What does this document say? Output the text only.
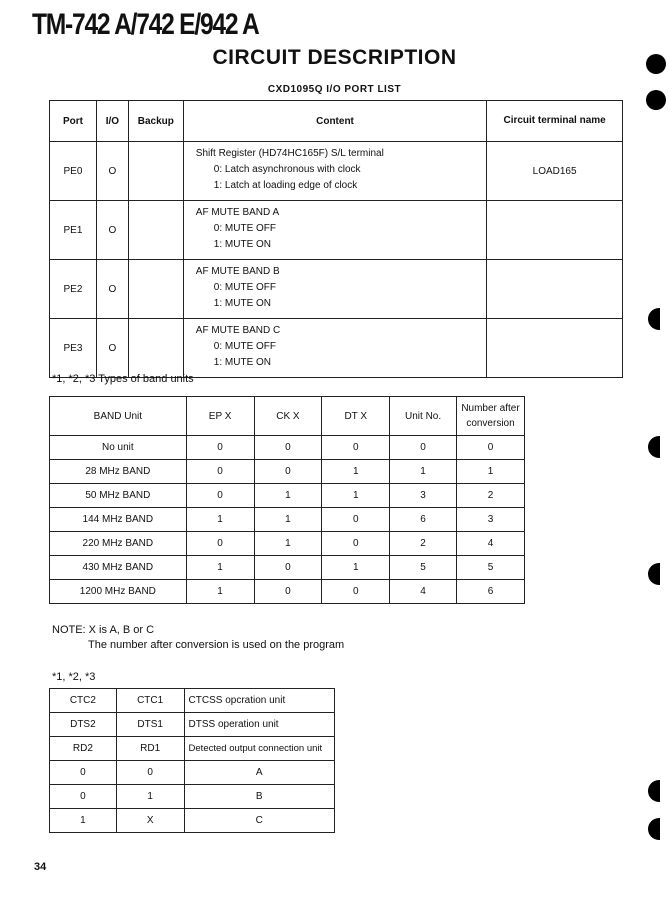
TM-742 A/742 E/942 A
CIRCUIT DESCRIPTION
CXD1095Q I/O PORT LIST
Port	I/O	Backup	Content	Circuit terminal name
PE0	O		Shift Register (HD74HC165F) S/L terminal
0: Latch asynchronous with clock
1: Latch at loading edge of clock	LOAD165
PE1	O		AF MUTE BAND A
0: MUTE OFF
1: MUTE ON	

PE2	O		AF MUTE BAND B
0: MUTE OFF
1: MUTE ON	

PE3	O		AF MUTE BAND C
0: MUTE OFF
1: MUTE ON	

*1, *2, *3 Types of band units
BAND Unit	EP X	CK X	DT X	Unit No.	Number after conversion
No unit	0	0	0	0	0
28 MHz BAND	0	0	1	1	1
50 MHz BAND	0	1	1	3	2
144 MHz BAND	1	1	0	6	3
220 MHz BAND	0	1	0	2	4
430 MHz BAND	1	0	1	5	5
1200 MHz BAND	1	0	0	4	6
NOTE: X is A, B or C
The number after conversion is used on the program
*1, *2, *3
CTC2	CTC1	CTCSS opcration unit
DTS2	DTS1	DTSS operation unit
RD2	RD1	Detected output connection unit
0	0	A
0	1	B
1	X	C
34
